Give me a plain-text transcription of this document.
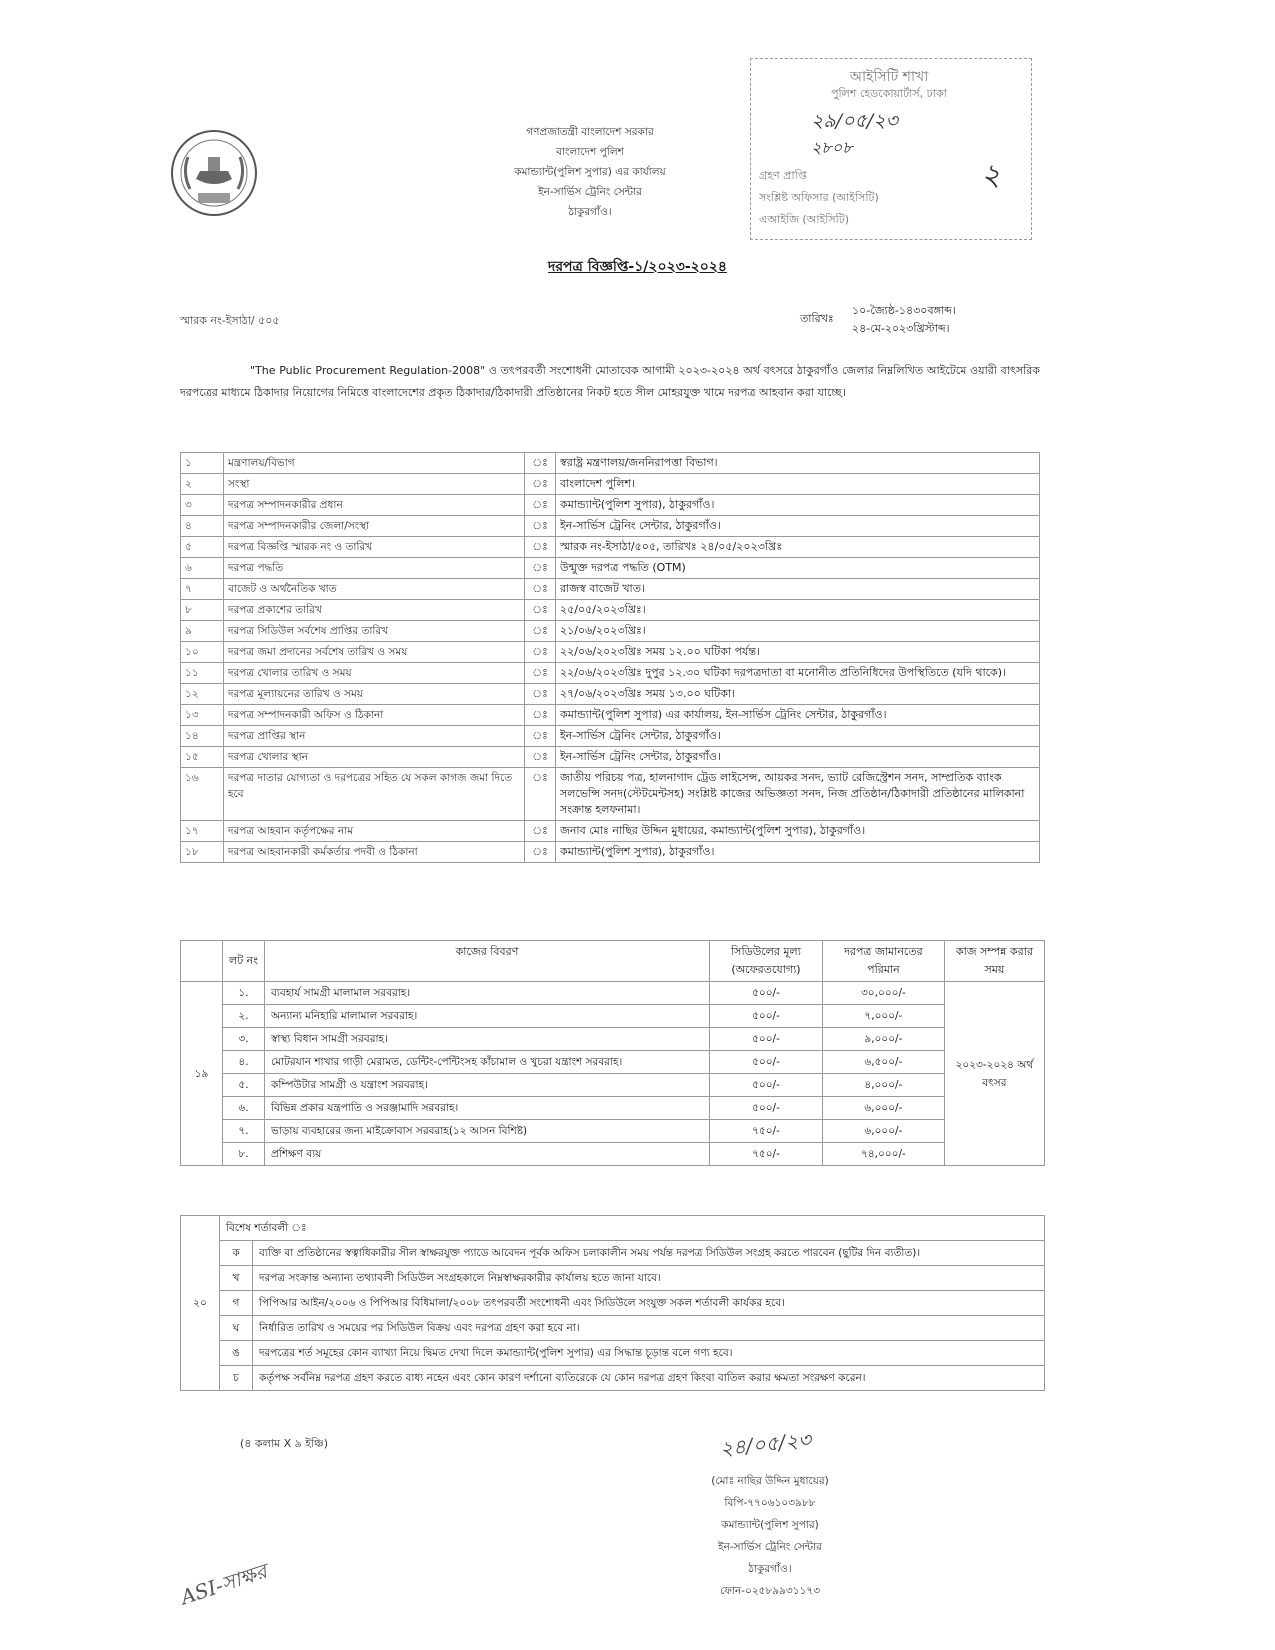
গণপ্রজাতন্ত্রী বাংলাদেশ সরকার
বাংলাদেশ পুলিশ
কমান্ড্যান্ট(পুলিশ সুপার) এর কার্যালয়
ইন-সার্ভিস ট্রেনিং সেন্টার
ঠাকুরগাঁও।
আইসিটি শাখা
পুলিশ হেডকোয়ার্টার্স, ঢাকা
২৯/০৫/২৩
২৮০৮
গ্রহণ প্রাপ্তি
সংশ্লিষ্ট অফিসার (আইসিটি)
এআইজি (আইসিটি)
২
দরপত্র বিজ্ঞপ্তি-১/২০২৩-২০২৪
স্মারক নং-ইসাঠা/ ৫০৫	তারিখঃ
১০-জ্যৈষ্ঠ-১৪৩০বঙ্গাব্দ।
২৪-মে-২০২৩খ্রিস্টাব্দ।
"The Public Procurement Regulation-2008" ও তৎপরবর্তী সংশোধনী মোতাবেক আগামী ২০২৩-২০২৪ অর্থ বৎসরে ঠাকুরগাঁও জেলার নিম্নলিখিত আইটেমে ওয়ারী বাৎসরিক দরপত্রের মাধ্যমে ঠিকাদার নিয়োগের নিমিত্তে বাংলাদেশের প্রকৃত ঠিকাদার/ঠিকাদারী প্রতিষ্ঠানের নিকট হতে সীল মোহরযুক্ত খামে দরপত্র আহবান করা যাচ্ছে।
১	মন্ত্রণালয়/বিভাগ	ঃ	স্বরাষ্ট্র মন্ত্রণালয়/জননিরাপত্তা বিভাগ।
২	সংস্থা	ঃ	বাংলাদেশ পুলিশ।
৩	দরপত্র সম্পাদনকারীর প্রধান	ঃ	কমান্ড্যান্ট(পুলিশ সুপার), ঠাকুরগাঁও।
৪	দরপত্র সম্পাদনকারীর জেলা/সংস্থা	ঃ	ইন-সার্ভিস ট্রেনিং সেন্টার, ঠাকুরগাঁও।
৫	দরপত্র বিজ্ঞপ্তি স্মারক নং ও তারিখ	ঃ	স্মারক নং-ইসাঠা/৫০৫, তারিখঃ ২৪/০৫/২০২৩খ্রিঃ
৬	দরপত্র পদ্ধতি	ঃ	উন্মুক্ত দরপত্র পদ্ধতি (OTM)
৭	বাজেট ও অর্থনৈতিক খাত	ঃ	রাজস্ব বাজেট খাত।
৮	দরপত্র প্রকাশের তারিখ	ঃ	২৫/০৫/২০২৩খ্রিঃ।
৯	দরপত্র সিডিউল সর্বশেষ প্রাপ্তির তারিখ	ঃ	২১/০৬/২০২৩খ্রিঃ।
১০	দরপত্র জমা প্রদানের সর্বশেষ তারিখ ও সময়	ঃ	২২/০৬/২০২৩খ্রিঃ সময় ১২.০০ ঘটিকা পর্যন্ত।
১১	দরপত্র খোলার তারিখ ও সময়	ঃ	২২/০৬/২০২৩খ্রিঃ দুপুর ১২.৩০ ঘটিকা দরপত্রদাতা বা মনোনীত প্রতিনিধিদের উপস্থিতিতে (যদি থাকে)।
১২	দরপত্র মূল্যায়নের তারিখ ও সময়	ঃ	২৭/০৬/২০২৩খ্রিঃ সময় ১৩.০০ ঘটিকা।
১৩	দরপত্র সম্পাদনকারী অফিস ও ঠিকানা	ঃ	কমান্ড্যান্ট(পুলিশ সুপার) এর কার্যালয়, ইন-সার্ভিস ট্রেনিং সেন্টার, ঠাকুরগাঁও।
১৪	দরপত্র প্রাপ্তির স্থান	ঃ	ইন-সার্ভিস ট্রেনিং সেন্টার, ঠাকুরগাঁও।
১৫	দরপত্র খোলার স্থান	ঃ	ইন-সার্ভিস ট্রেনিং সেন্টার, ঠাকুরগাঁও।
১৬	দরপত্র দাতার যোগ্যতা ও দরপত্রের সহিত যে সকল কাগজ জমা দিতে হবে	ঃ	জাতীয় পরিচয় পত্র, হালনাগাদ ট্রেড লাইসেন্স, আয়কর সনদ, ভ্যাট রেজিস্ট্রেশন সনদ, সাম্প্রতিক ব্যাংক সলভেন্সি সনদ(স্টেটমেন্টসহ) সংশ্লিষ্ট কাজের অভিজ্ঞতা সনদ, নিজ প্রতিষ্ঠান/ঠিকাদারী প্রতিষ্ঠানের মালিকানা সংক্রান্ত হলফনামা।
১৭	দরপত্র আহবান কর্তৃপক্ষের নাম	ঃ	জনাব মোঃ নাছির উদ্দিন মুধায়ের, কমান্ড্যান্ট(পুলিশ সুপার), ঠাকুরগাঁও।
১৮	দরপত্র আহবানকারী কর্মকর্তার পদবী ও ঠিকানা	ঃ	কমান্ড্যান্ট(পুলিশ সুপার), ঠাকুরগাঁও।
	লট নং	কাজের বিবরণ	সিডিউলের মূল্য (অফেরতযোগ্য)	দরপত্র জামানতের পরিমান	কাজ সম্পন্ন করার সময়
১৯	১.	ব্যবহার্য সামগ্রী মালামাল সরবরাহ।	৫০০/-	৩০,০০০/-	২০২৩-২০২৪ অর্থ বৎসর
	২.	অন্যান্য মনিহারি মালামাল সরবরাহ।	৫০০/-	৭,০০০/-	
	৩.	স্বাস্থ্য বিধান সামগ্রী সরবরাহ।	৫০০/-	৯,০০০/-	
	৪.	মোটরযান শাখার গাড়ী মেরামত, ডেন্টিং-পেন্টিংসহ কাঁচামাল ও খুচরা যন্ত্রাংশ সরবরাহ।	৫০০/-	৬,৫০০/-	
	৫.	কম্পিউটার সামগ্রী ও যন্ত্রাংশ সরবরাহ।	৫০০/-	৪,০০০/-	
	৬.	বিভিন্ন প্রকার যন্ত্রপাতি ও সরঞ্জামাদি সরবরাহ।	৫০০/-	৬,০০০/-	
	৭.	ভাড়ায় ব্যবহারের জন্য মাইক্রোবাস সরবরাহ(১২ আসন বিশিষ্ট)	৭৫০/-	৬,০০০/-	
	৮.	প্রশিক্ষণ ব্যয়	৭৫০/-	৭৪,০০০/-	
২০	বিশেষ শর্তাবলী ঃ	
	ক	ব্যক্তি বা প্রতিষ্ঠানের স্বত্বাধিকারীর সীল স্বাক্ষরযুক্ত প্যাডে আবেদন পূর্বক অফিস চলাকালীন সময় পর্যন্ত দরপত্র সিডিউল সংগ্রহ করতে পারবেন (ছুটির দিন ব্যতীত)।
	খ	দরপত্র সংক্রান্ত অন্যান্য তথ্যাবলী সিডিউল সংগ্রহকালে নিম্নস্বাক্ষরকারীর কার্যালয় হতে জানা যাবে।
	গ	পিপিআর আইন/২০০৬ ও পিপিআর বিধিমালা/২০০৮ তৎপরবর্তী সংশোধনী এবং সিডিউলে সংযুক্ত সকল শর্তাবলী কার্যকর হবে।
	ঘ	নির্ধারিত তারিখ ও সময়ের পর সিডিউল বিক্রয় এবং দরপত্র গ্রহণ করা হবে না।
	ঙ	দরপত্রের শর্ত সমূহের কোন ব্যাখ্যা নিয়ে দ্বিমত দেখা দিলে কমান্ড্যান্ট(পুলিশ সুপার) এর সিদ্ধান্ত চূড়ান্ত বলে গণ্য হবে।
	চ	কর্তৃপক্ষ সর্বনিম্ন দরপত্র গ্রহণ করতে বাধ্য নহেন এবং কোন কারণ দর্শানো ব্যতিরেকে যে কোন দরপত্র গ্রহণ কিংবা বাতিল করার ক্ষমতা সংরক্ষণ করেন।
(৪ কলাম X ৯ ইঞ্চি)	২৪/০৫/২৩
(মোঃ নাছির উদ্দিন মুধায়ের)
বিপি-৭৭০৬১০৩৯৮৮
কমান্ড্যান্ট(পুলিশ সুপার)
ইন-সার্ভিস ট্রেনিং সেন্টার
ঠাকুরগাঁও।
ফোন-০২৫৮৯৯৩১১৭৩
ASI-সাক্ষর
